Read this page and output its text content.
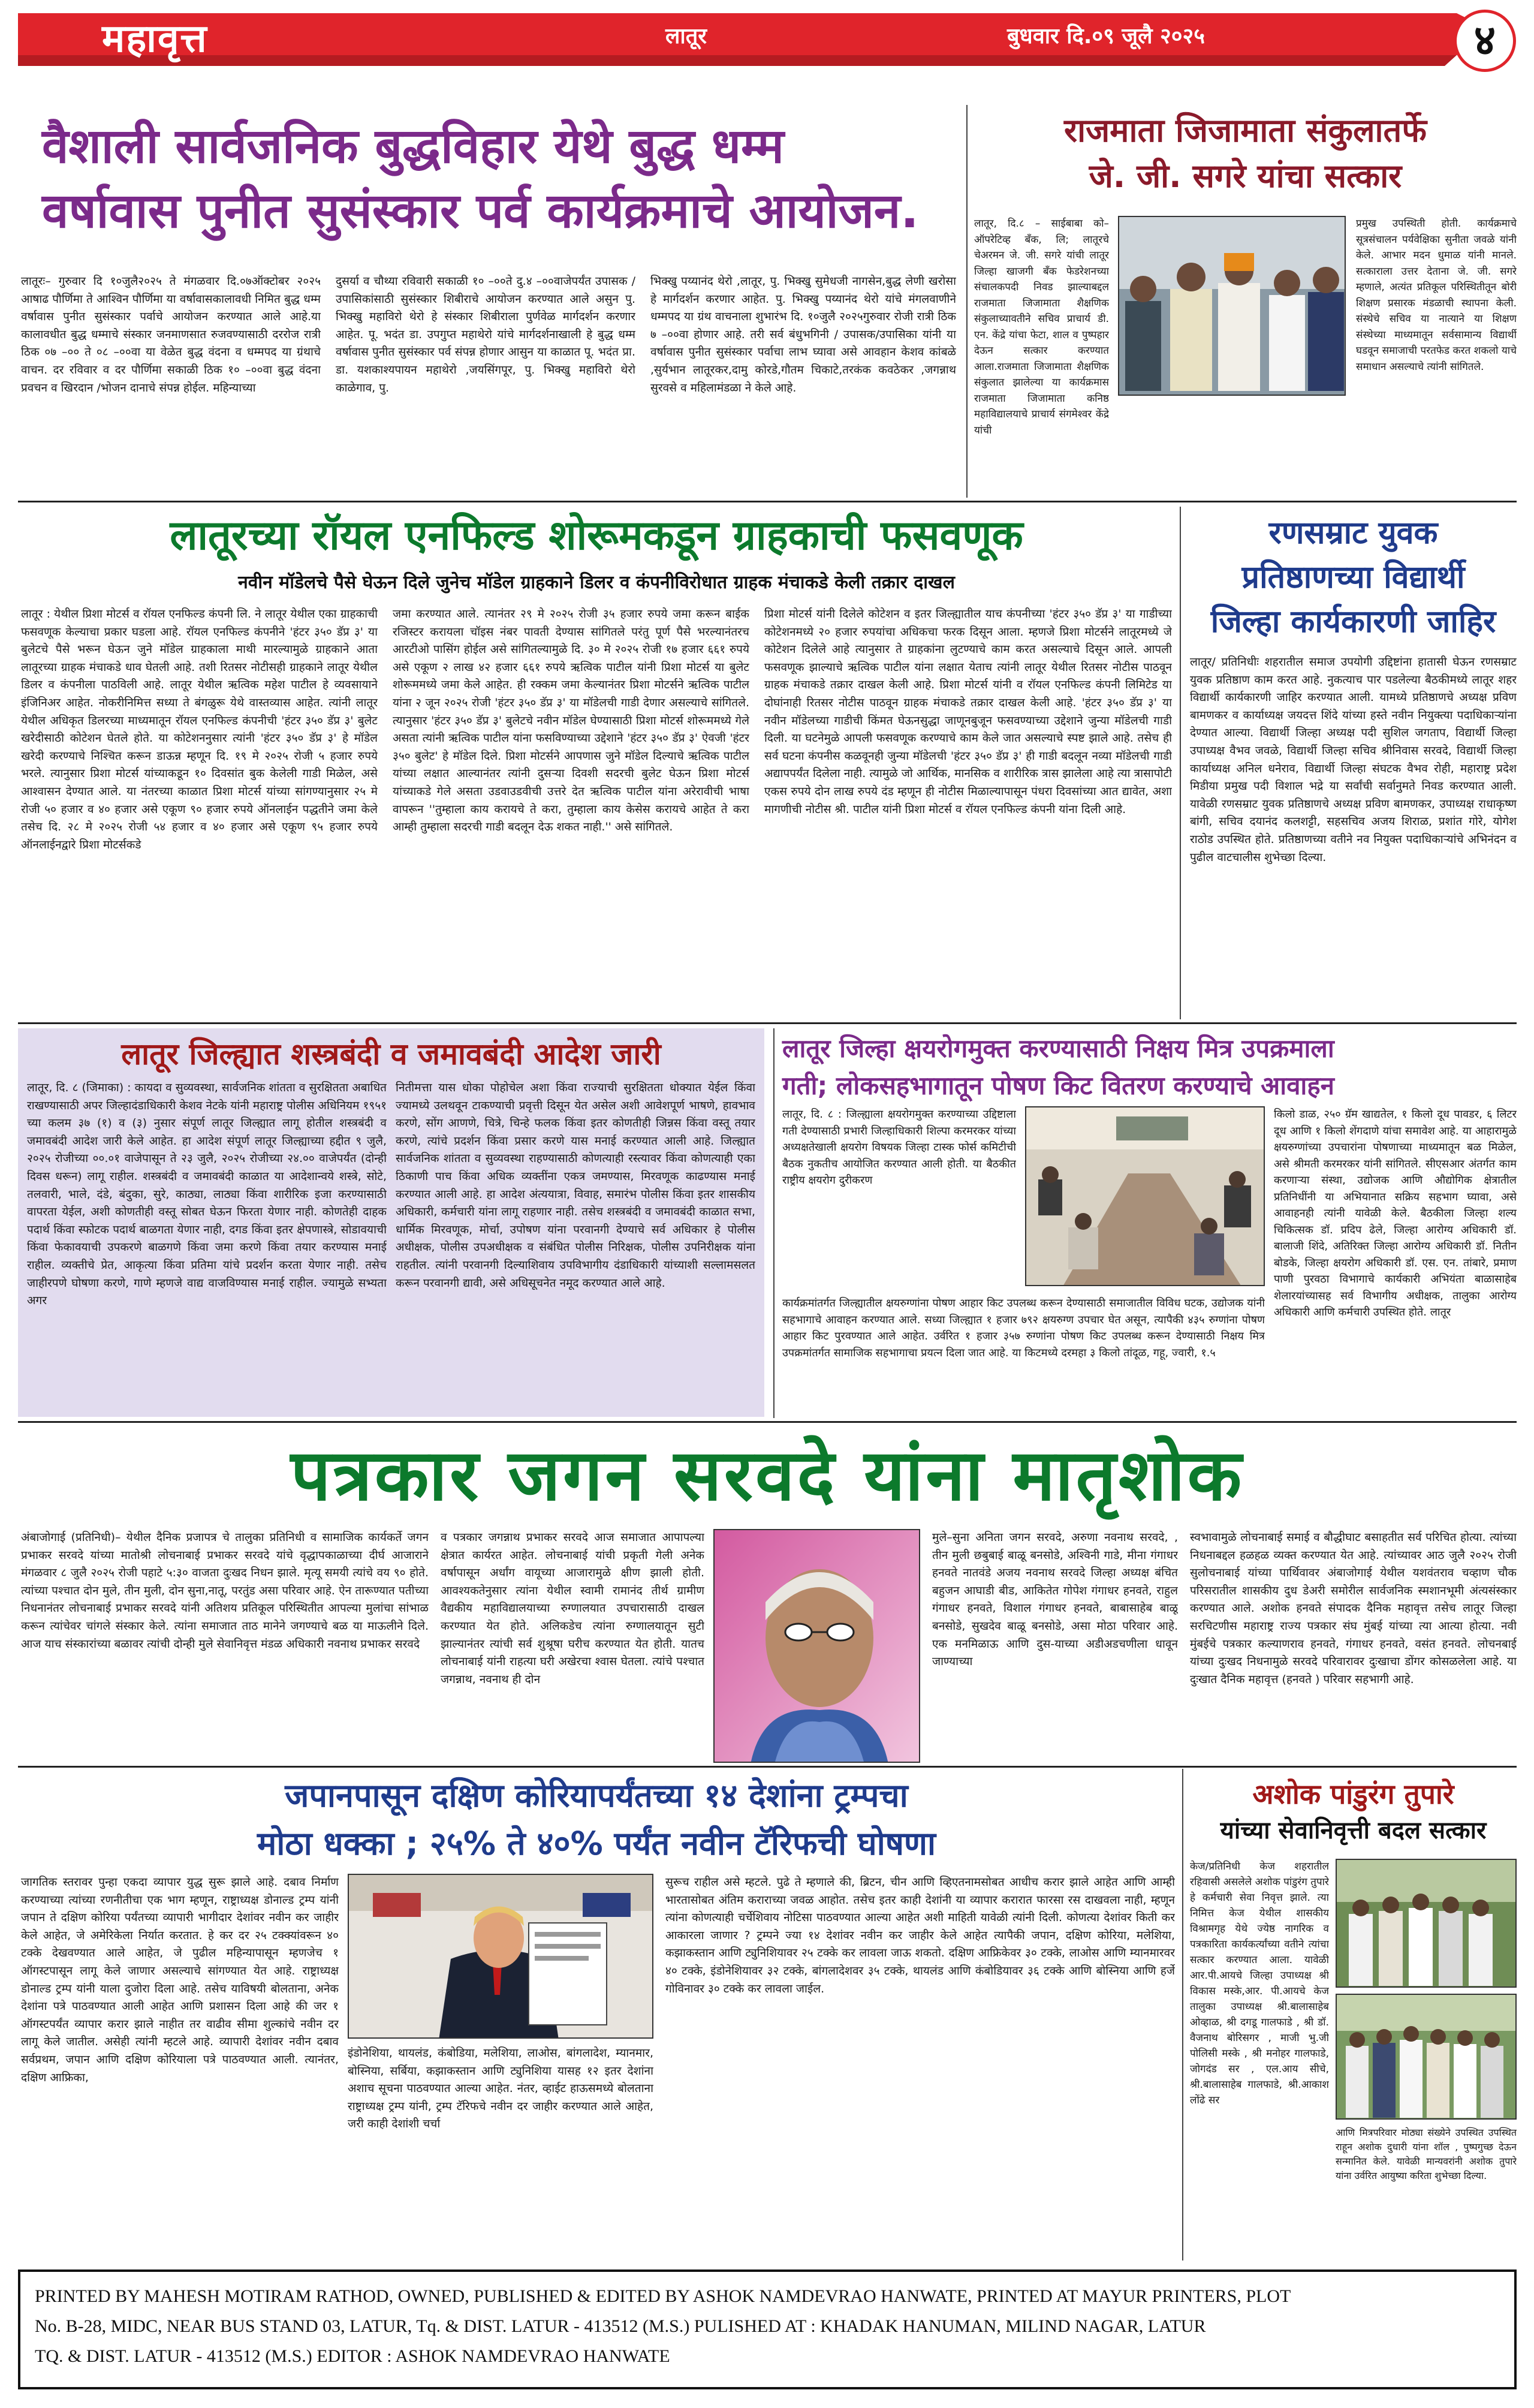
महावृत्त	लातूर	बुधवार दि.०९ जूलै २०२५	४
वैशाली सार्वजनिक बुद्धविहार येथे बुद्ध धम्म
वर्षावास पुनीत सुसंस्कार पर्व कार्यक्रमाचे आयोजन.
लातूरः– गुरुवार दि १०जुलै२०२५ ते मंगळवार दि.०७ऑक्टोबर २०२५ आषाढ पौर्णिमा ते आश्विन पौर्णिमा या वर्षावासकालावधी निमित बुद्ध धम्म वर्षावास पुनीत सुसंस्कार पर्वाचे आयोजन करण्यात आले आहे.या कालावधीत बुद्ध धम्माचे संस्कार जनमाणसात रुजवण्यासाठी दररोज रात्री ठिक ०७ –०० ते ०८ –००वा या वेळेत बुद्ध वंदना व धम्मपद या ग्रंथाचे वाचन. दर रविवार व दर पौर्णिमा सकाळी ठिक १० –००वा बुद्ध वंदना प्रवचन व खिरदान /भोजन दानाचे संपन्न होईल. महिन्याच्या
दुसर्या व चौथ्या रविवारी सकाळी १० –००ते दु.४ –००वाजेपर्यंत उपासक /उपासिकांसाठी सुसंस्कार शिबीराचे आयोजन करण्यात आले असुन पु. भिक्खु महाविरो थेरो हे संस्कार शिबीराला पुर्णवेळ मार्गदर्शन करणार आहेत. पू. भदंत डा. उपगुप्त महाथेरो यांचे मार्गदर्शनाखाली हे बुद्ध धम्म वर्षावास पुनीत सुसंस्कार पर्व संपन्न होणार आसुन या काळात पू. भदंत प्रा. डा. यशकाश्यपायन महाथेरो ,जयसिंगपूर, पु. भिक्खु महाविरो थेरो काळेगाव, पु.
भिक्खु पय्यानंद थेरो ,लातूर, पु. भिक्खु सुमेधजी नागसेन,बुद्ध लेणी खरोसा हे मार्गदर्शन करणार आहेत. पु. भिक्खु पय्यानंद थेरो यांचे मंगलवाणीने धम्मपद या ग्रंथ वाचनाला शुभारंभ दि. १०जुलै २०२५गुरुवार रोजी रात्री ठिक ७ –००वा होणार आहे. तरी सर्व बंधुभगिनी / उपासक/उपासिका यांनी या वर्षावास पुनीत सुसंस्कार पर्वाचा लाभ घ्यावा असे आवहान केशव कांबळे ,सुर्यभान लातूरकर,दामु कोरडे,गौतम चिकाटे,तरकंक कवठेकर ,जगन्नाथ सुरवसे व महिलामंडळा ने केले आहे.
राजमाता जिजामाता संकुलातर्फे
जे. जी. सगरे यांचा सत्कार
लातूर, दि.८ – साईबाबा को–ऑपरेटिव्ह बँक, लि; लातूरचे चेअरमन जे. जी. सगरे यांची लातूर जिल्हा खाजगी बँक फेडरेशनच्या संचालकपदी निवड झाल्याबद्दल राजमाता जिजामाता शैक्षणिक संकुलाच्यावतीने सचिव प्राचार्य डी. एन. केंद्रे यांचा फेटा, शाल व पुष्पहार देऊन सत्कार करण्यात आला.राजमाता जिजामाता शैक्षणिक संकुलात झालेल्या या कार्यक्रमास राजमाता जिजामाता कनिष्ठ महाविद्यालयाचे प्राचार्य संगमेश्वर केंद्रे यांची
प्रमुख उपस्थिती होती. कार्यक्रमाचे सूत्रसंचालन पर्यवेक्षिका सुनीता जवळे यांनी केले. आभार मदन धुमाळ यांनी मानले. सत्काराला उत्तर देताना जे. जी. सगरे म्हणाले, अत्यंत प्रतिकूल परिस्थितीतून बोरी शिक्षण प्रसारक मंडळाची स्थापना केली. संस्थेचे सचिव या नात्याने या शिक्षण संस्थेच्या माध्यमातून सर्वसामान्य विद्यार्थी घडवून समाजाची परतफेड करत शकलो याचे समाधान असल्याचे त्यांनी सांगितले.
लातूरच्या रॉयल एनफिल्ड शोरूमकडून ग्राहकाची फसवणूक
नवीन मॉडेलचे पैसे घेऊन दिले जुनेच मॉडेल ग्राहकाने डिलर व कंपनीविरोधात ग्राहक मंचाकडे केली तक्रार दाखल
लातूर : येथील प्रिशा मोटर्स व रॉयल एनफिल्ड कंपनी लि. ने लातूर येथील एका ग्राहकाची फसवणूक केल्याचा प्रकार घडला आहे. रॉयल एनफिल्ड कंपनीने 'हंटर ३५० डॅप्र ३' या बुलेटचे पैसे भरून घेऊन जुने मॉडेल ग्राहकाला माथी मारल्यामुळे ग्राहकाने आता लातूरच्या ग्राहक मंचाकडे धाव घेतली आहे. तशी रितसर नोटीसही ग्राहकाने लातूर येथील डिलर व कंपनीला पाठविली आहे. लातूर येथील ऋत्विक महेश पाटील हे व्यवसायाने इंजिनिअर आहेत. नोकरीनिमित्त सध्या ते बंगळुरू येथे वास्तव्यास आहेत. त्यांनी लातूर येथील अधिकृत डिलरच्या माध्यमातून रॉयल एनफिल्ड कंपनीची 'हंटर ३५० डॅप्र ३' बुलेट खरेदीसाठी कोटेशन घेतले होते. या कोटेशननुसार त्यांनी 'हंटर ३५० डॅप्र ३' हे मॉडेल खरेदी करण्याचे निश्चित करून डाऊन्न म्हणून दि. १९ मे २०२५ रोजी ५ हजार रुपये भरले. त्यानुसार प्रिशा मोटर्स यांच्याकडून १० दिवसांत बुक केलेली गाडी मिळेल, असे आश्वासन देण्यात आले. या नंतरच्या काळात प्रिशा मोटर्स यांच्या सांगण्यानुसार २५ मे रोजी ५० हजार व ४० हजार असे एकूण ९० हजार रुपये ऑनलाईन पद्धतीने जमा केले तसेच दि. २८ मे २०२५ रोजी ५४ हजार व ४० हजार असे एकूण ९५ हजार रुपये ऑनलाईनद्वारे प्रिशा मोटर्सकडे
जमा करण्यात आले. त्यानंतर २९ मे २०२५ रोजी ३५ हजार रुपये जमा करून बाईक रजिस्टर करायला चॉइस नंबर पावती देण्यास सांगितले परंतु पूर्ण पैसे भरल्यानंतरच आरटीओ पासिंग होईल असे सांगितल्यामुळे दि. ३० मे २०२५ रोजी १७ हजार ६६१ रुपये असे एकूण २ लाख ४२ हजार ६६१ रुपये ऋत्विक पाटील यांनी प्रिशा मोटर्स या बुलेट शोरूममध्ये जमा केले आहेत. ही रक्कम जमा केल्यानंतर प्रिशा मोटर्सने ऋत्विक पाटील यांना २ जून २०२५ रोजी 'हंटर ३५० डॅप्र ३' या मॉडेलची गाडी देणार असल्याचे सांगितले. त्यानुसार 'हंटर ३५० डॅप्र ३' बुलेटचे नवीन मॉडेल घेण्यासाठी प्रिशा मोटर्स शोरूममध्ये गेले असता त्यांनी ऋत्विक पाटील यांना फसविण्याच्या उद्देशाने 'हंटर ३५० डॅप्र ३' ऐवजी 'हंटर ३५० बुलेट' हे मॉडेल दिले. प्रिशा मोटर्सने आपणास जुने मॉडेल दिल्याचे ऋत्विक पाटील यांच्या लक्षात आल्यानंतर त्यांनी दुसऱ्या दिवशी सदरची बुलेट घेऊन प्रिशा मोटर्स यांच्याकडे गेले असता उडवाउडवीची उत्तरे देत ऋत्विक पाटील यांना अरेरावीची भाषा वापरून ''तुम्हाला काय करायचे ते करा, तुम्हाला काय केसेस करायचे आहेत ते करा आम्ही तुम्हाला सदरची गाडी बदलून देऊ शकत नाही.'' असे सांगितले.
प्रिशा मोटर्स यांनी दिलेले कोटेशन व इतर जिल्ह्यातील याच कंपनीच्या 'हंटर ३५० डॅप्र ३' या गाडीच्या कोटेशनमध्ये २० हजार रुपयांचा अधिकचा फरक दिसून आला. म्हणजे प्रिशा मोटर्सने लातूरमध्ये जे कोटेशन दिलेले आहे त्यानुसार ते ग्राहकांना लुटण्याचे काम करत असल्याचे दिसून आले. आपली फसवणूक झाल्याचे ऋत्विक पाटील यांना लक्षात येताच त्यांनी लातूर येथील रितसर नोटीस पाठवून ग्राहक मंचाकडे तक्रार दाखल केली आहे. प्रिशा मोटर्स यांनी व रॉयल एनफिल्ड कंपनी लिमिटेड या दोघांनाही रितसर नोटीस पाठवून ग्राहक मंचाकडे तक्रार दाखल केली आहे. 'हंटर ३५० डॅप्र ३' या नवीन मॉडेलच्या गाडीची किंमत घेऊनसुद्धा जाणूनबुजून फसवण्याच्या उद्देशाने जुन्या मॉडेलची गाडी दिली. या घटनेमुळे आपली फसवणूक करण्याचे काम केले जात असल्याचे स्पष्ट झाले आहे. तसेच ही सर्व घटना कंपनीस कळवूनही जुन्या मॉडेलची 'हंटर ३५० डॅप्र ३' ही गाडी बदलून नव्या मॉडेलची गाडी अद्यापपर्यंत दिलेला नाही. त्यामुळे जो आर्थिक, मानसिक व शारीरिक त्रास झालेला आहे त्या त्रासापोटी एकस रुपये दोन लाख रुपये दंड म्हणून ही नोटीस मिळाल्यापासून पंधरा दिवसांच्या आत द्यावेत, अशा मागणीची नोटीस श्री. पाटील यांनी प्रिशा मोटर्स व रॉयल एनफिल्ड कंपनी यांना दिली आहे.
रणसम्राट युवक
प्रतिष्ठाणच्या विद्यार्थी
जिल्हा कार्यकारणी जाहिर
लातूर/ प्रतिनिधीः शहरातील समाज उपयोगी उद्दिष्टांना हातासी घेऊन रणसम्राट युवक प्रतिष्ठाण काम करत आहे. नुकत्याच पार पडलेल्या बैठकीमध्ये लातूर शहर विद्यार्थी कार्यकारणी जाहिर करण्यात आली. यामध्ये प्रतिष्ठाणचे अध्यक्ष प्रविण बामणकर व कार्याध्यक्ष जयदत्त शिंदे यांच्या हस्ते नवीन नियुक्त्या पदाधिकाऱ्यांना देण्यात आल्या. विद्यार्थी जिल्हा अध्यक्ष पदी सुशिल जगताप, विद्यार्थी जिल्हा उपाध्यक्ष वैभव जवळे, विद्यार्थी जिल्हा सचिव श्रीनिवास सरवदे, विद्यार्थी जिल्हा कार्याध्यक्ष अनिल धनेराव, विद्यार्थी जिल्हा संघटक वैभव रोही, महाराष्ट्र प्रदेश मिडीया प्रमुख पदी विशाल भद्रे या सर्वांची सर्वानुमते निवड करण्यात आली. यावेळी रणसम्राट युवक प्रतिष्ठाणचे अध्यक्ष प्रविण बामणकर, उपाध्यक्ष राधाकृष्ण बांगी, सचिव दयानंद कलशट्टी, सहसचिव अजय शिराळ, प्रशांत गोरे, योगेश राठोड उपस्थित होते. प्रतिष्ठाणच्या वतीने नव नियुक्त पदाधिकाऱ्यांचे अभिनंदन व पुढील वाटचालीस शुभेच्छा दिल्या.
लातूर जिल्ह्यात शस्त्रबंदी व जमावबंदी आदेश जारी
लातूर, दि. ८ (जिमाका) : कायदा व सुव्यवस्था, सार्वजनिक शांतता व सुरक्षितता अबाधित राखण्यासाठी अपर जिल्हादंडाधिकारी केशव नेटके यांनी महाराष्ट्र पोलीस अधिनियम १९५१ च्या कलम ३७ (१) व (३) नुसार संपूर्ण लातूर जिल्ह्यात लागू होतील शस्त्रबंदी व जमावबंदी आदेश जारी केले आहेत. हा आदेश संपूर्ण लातूर जिल्ह्याच्या हद्दीत ९ जुलै, २०२५ रोजीच्या ००.०१ वाजेपासून ते २३ जुलै, २०२५ रोजीच्या २४.०० वाजेपर्यंत (दोन्ही दिवस धरून) लागू राहील. शस्त्रबंदी व जमावबंदी काळात या आदेशान्वये शस्त्रे, सोटे, तलवारी, भाले, दंडे, बंदुका, सुरे, काठ्या, लाठ्या किंवा शारीरिक इजा करण्यासाठी वापरता येईल, अशी कोणतीही वस्तू सोबत घेऊन फिरता येणार नाही. कोणतेही दाहक पदार्थ किंवा स्फोटक पदार्थ बाळगता येणार नाही, दगड किंवा इतर क्षेपणास्त्रे, सोडावयाची किंवा फेकावयाची उपकरणे बाळगणे किंवा जमा करणे किंवा तयार करण्यास मनाई राहील. व्यक्तीचे प्रेत, आकृत्या किंवा प्रतिमा यांचे प्रदर्शन करता येणार नाही. तसेच जाहीरपणे घोषणा करणे, गाणे म्हणजे वाद्य वाजविण्यास मनाई राहील. ज्यामुळे सभ्यता अगर
नितीमत्ता यास धोका पोहोचेल अशा किंवा राज्याची सुरक्षितता धोक्यात येईल किंवा ज्यामध्ये उलथवून टाकण्याची प्रवृत्ती दिसून येत असेल अशी आवेशपूर्ण भाषणे, हावभाव करणे, सोंग आणणे, चित्रे, चिन्हे फलक किंवा इतर कोणतीही जिन्नस किंवा वस्तू तयार करणे, त्यांचे प्रदर्शन किंवा प्रसार करणे यास मनाई करण्यात आली आहे. जिल्ह्यात सार्वजनिक शांतता व सुव्यवस्था राहण्यासाठी कोणत्याही रस्त्यावर किंवा कोणत्याही एका ठिकाणी पाच किंवा अधिक व्यक्तींना एकत्र जमण्यास, मिरवणूक काढण्यास मनाई करण्यात आली आहे. हा आदेश अंत्ययात्रा, विवाह, समारंभ पोलीस किंवा इतर शासकीय अधिकारी, कर्मचारी यांना लागू राहणार नाही. तसेच शस्त्रबंदी व जमावबंदी काळात सभा, धार्मिक मिरवणूक, मोर्चा, उपोषण यांना परवानगी देण्याचे सर्व अधिकार हे पोलीस अधीक्षक, पोलीस उपअधीक्षक व संबंधित पोलीस निरिक्षक, पोलीस उपनिरीक्षक यांना राहतील. त्यांनी परवानगी दिल्याशिवाय उपविभागीय दंडाधिकारी यांच्याशी सल्लामसलत करून परवानगी द्यावी, असे अधिसूचनेत नमूद करण्यात आले आहे.
लातूर जिल्हा क्षयरोगमुक्त करण्यासाठी निक्षय मित्र उपक्रमाला
गती; लोकसहभागातून पोषण किट वितरण करण्याचे आवाहन
लातूर, दि. ८ : जिल्ह्याला क्षयरोगमुक्त करण्याच्या उद्दिष्टाला गती देण्यासाठी प्रभारी जिल्हाधिकारी शिल्पा करमरकर यांच्या अध्यक्षतेखाली क्षयरोग विषयक जिल्हा टास्क फोर्स कमिटीची बैठक नुकतीच आयोजित करण्यात आली होती. या बैठकीत राष्ट्रीय क्षयरोग दुरीकरण
कार्यक्रमांतर्गत जिल्ह्यातील क्षयरुग्णांना पोषण आहार किट उपलब्ध करून देण्यासाठी समाजातील विविध घटक, उद्योजक यांनी सहभागाचे आवाहन करण्यात आले. सध्या जिल्ह्यात १ हजार ७९२ क्षयरुग्ण उपचार घेत असून, त्यापैकी ४३५ रुग्णांना पोषण आहार किट पुरवण्यात आले आहेत. उर्वरित १ हजार ३५७ रुग्णांना पोषण किट उपलब्ध करून देण्यासाठी निक्षय मित्र उपक्रमांतर्गत सामाजिक सहभागाचा प्रयत्न दिला जात आहे. या किटमध्ये दरमहा ३ किलो तांदूळ, गहू, ज्वारी, १.५
किलो डाळ, २५० ग्रॅम खाद्यतेल, १ किलो दूध पावडर, ६ लिटर दूध आणि १ किलो शेंगदाणे यांचा समावेश आहे. या आहारामुळे क्षयरुग्णांच्या उपचारांना पोषणाच्या माध्यमातून बळ मिळेल, असे श्रीमती करमरकर यांनी सांगितले. सीएसआर अंतर्गत काम करणाऱ्या संस्था, उद्योजक आणि औद्योगिक क्षेत्रातील प्रतिनिधींनी या अभियानात सक्रिय सहभाग घ्यावा, असे आवाहनही त्यांनी यावेळी केले. बैठकीला जिल्हा शल्य चिकित्सक डॉ. प्रदिप ढेले, जिल्हा आरोग्य अधिकारी डॉ. बालाजी शिंदे, अतिरिक्त जिल्हा आरोग्य अधिकारी डॉ. नितीन बोडके, जिल्हा क्षयरोग अधिकारी डॉ. एस. एन. तांबारे, प्रमाण पाणी पुरवठा विभागाचे कार्यकारी अभियंता बाळासाहेब शेलारयांच्यासह सर्व विभागीय अधीक्षक, तालुका आरोग्य अधिकारी आणि कर्मचारी उपस्थित होते. लातूर
पत्रकार जगन सरवदे यांना मातृशोक
अंबाजोगाई (प्रतिनिधी)– येथील दैनिक प्रजापत्र चे तालुका प्रतिनिधी व सामाजिक कार्यकर्ते जगन प्रभाकर सरवदे यांच्या मातोश्री लोचनाबाई प्रभाकर सरवदे यांचे वृद्धापकाळाच्या दीर्घ आजाराने मंगळवार ८ जुलै २०२५ रोजी पहाटे ५:३० वाजता दुःखद निधन झाले. मृत्यू समयी त्यांचे वय ९० होते. त्यांच्या पश्चात दोन मुले, तीन मुली, दोन सुना,नातू, परतुंड असा परिवार आहे. ऐन तारूण्यात पतीच्या निधनानंतर लोचनाबाई प्रभाकर सरवदे यांनी अतिशय प्रतिकूल परिस्थितीत आपल्या मुलांचा सांभाळ करून त्यांचेवर चांगले संस्कार केले. त्यांना समाजात ताठ मानेने जगण्याचे बळ या माऊलीने दिले. आज याच संस्कारांच्या बळावर त्यांची दोन्ही मुले सेवानिवृत्त मंडळ अधिकारी नवनाथ प्रभाकर सरवदे
व पत्रकार जगन्नाथ प्रभाकर सरवदे आज समाजात आपापल्या क्षेत्रात कार्यरत आहेत. लोचनाबाई यांची प्रकृती गेली अनेक वर्षापासून अर्धांग वायूच्या आजारामुळे क्षीण झाली होती. आवश्यकतेनुसार त्यांना येथील स्वामी रामानंद तीर्थ ग्रामीण वैद्यकीय महाविद्यालयाच्या रुग्णालयात उपचारासाठी दाखल करण्यात येत होते. अलिकडेच त्यांना रुग्णालयातून सुटी झाल्यानंतर त्यांची सर्व शुश्रूषा घरीच करण्यात येत होती. यातच लोचनाबाई यांनी राहत्या घरी अखेरचा श्वास घेतला. त्यांचे पश्चात जगन्नाथ, नवनाथ ही दोन
मुले–सुना अनिता जगन सरवदे, अरुणा नवनाथ सरवदे, , तीन मुली छबुबाई बाळू बनसोडे, अश्विनी गाडे, मीना गंगाधर हनवते नातवंडे अजय नवनाथ सरवदे जिल्हा अध्यक्ष बंचित बहुजन आघाडी बीड, आकितेत गोपेश गंगाधर हनवते, राहुल गंगाधर हनवते, विशाल गंगाधर हनवते, बाबासाहेब बाळू बनसोडे, सुखदेव बाळू बनसोडे, असा मोठा परिवार आहे. एक मनमिळाऊ आणि दुस-याच्या अडीअडचणीला धावून जाण्याच्या
स्वभावामुळे लोचनाबाई समाई व बौद्धीघाट बसाहतीत सर्व परिचित होत्या. त्यांच्या निधनाबद्दल हळहळ व्यक्त करण्यात येत आहे. त्यांच्यावर आठ जुलै २०२५ रोजी सुलोचनाबाई यांच्या पार्थिवावर अंबाजोगाई येथील यशवंतराव चव्हाण चौक परिसरातील शासकीय दुध डेअरी समोरील सार्वजनिक स्मशानभूमी अंत्यसंस्कार करण्यात आले. अशोक हनवते संपादक दैनिक महावृत्त तसेच लातूर जिल्हा सरचिटणीस महाराष्ट्र राज्य पत्रकार संघ मुंबई यांच्या त्या आत्या होत्या. नवी मुंबईचे पत्रकार कल्याणराव हनवते, गंगाधर हनवते, वसंत हनवते. लोचनबाई यांच्या दुःखद निधनामुळे सरवदे परिवारावर दुःखाचा डोंगर कोसळलेला आहे. या दुःखात दैनिक महावृत्त (हनवते ) परिवार सहभागी आहे.
जपानपासून दक्षिण कोरियापर्यंतच्या १४ देशांना ट्रम्पचा
मोठा धक्का ; २५% ते ४०% पर्यंत नवीन टॅरिफची घोषणा
जागतिक स्तरावर पुन्हा एकदा व्यापार युद्ध सुरू झाले आहे. दबाव निर्माण करण्याच्या त्यांच्या रणनीतीचा एक भाग म्हणून, राष्ट्राध्यक्ष डोनाल्ड ट्रम्प यांनी जपान ते दक्षिण कोरिया पर्यंतच्या व्यापारी भागीदार देशांवर नवीन कर जाहीर केले आहेत, जे अमेरिकेला निर्यात करतात. हे कर दर २५ टक्क्यांवरून ४० टक्के देखवण्यात आले आहेत, जे पुढील महिन्यापासून म्हणजेच १ ऑगस्टपासून लागू केले जाणार असल्याचे सांगण्यात येत आहे. राष्ट्राध्यक्ष डोनाल्ड ट्रम्प यांनी याला दुजोरा दिला आहे. तसेच याविषयी बोलताना, अनेक देशांना पत्रे पाठवण्यात आली आहेत आणि प्रशासन दिला आहे की जर १ ऑगस्टपर्यंत व्यापार करार झाले नाहीत तर वाढीव सीमा शुल्कांचे नवीन दर लागू केले जातील. असेही त्यांनी म्हटले आहे. व्यापारी देशांवर नवीन दबाव सर्वप्रथम, जपान आणि दक्षिण कोरियाला पत्रे पाठवण्यात आली. त्यानंतर, दक्षिण आफ्रिका,
इंडोनेशिया, थायलंड, कंबोडिया, मलेशिया, लाओस, बांगलादेश, म्यानमार, बोस्निया, सर्बिया, कझाकस्तान आणि ट्युनिशिया यासह १२ इतर देशांना अशाच सूचना पाठवण्यात आल्या आहेत. नंतर, व्हाईट हाऊसमध्ये बोलताना राष्ट्राध्यक्ष ट्रम्प यांनी, ट्रम्प टॅरिफचे नवीन दर जाहीर करण्यात आले आहेत, जरी काही देशांशी चर्चा
सुरूच राहील असे म्हटले. पुढे ते म्हणाले की, ब्रिटन, चीन आणि व्हिएतनामसोबत आधीच करार झाले आहेत आणि आम्ही भारतासोबत अंतिम कराराच्या जवळ आहोत. तसेच इतर काही देशांनी या व्यापार करारात फारसा रस दाखवला नाही, म्हणून त्यांना कोणत्याही चर्चेशिवाय नोटिसा पाठवण्यात आल्या आहेत अशी माहिती यावेळी त्यांनी दिली. कोणत्या देशांवर किती कर आकारला जाणार ? ट्रम्पने ज्या १४ देशांवर नवीन कर जाहीर केले आहेत त्यापैकी जपान, दक्षिण कोरिया, मलेशिया, कझाकस्तान आणि ट्युनिशियावर २५ टक्के कर लावला जाऊ शकतो. दक्षिण आफ्रिकेवर ३० टक्के, लाओस आणि म्यानमारवर ४० टक्के, इंडोनेशियावर ३२ टक्के, बांगलादेशवर ३५ टक्के, थायलंड आणि कंबोडियावर ३६ टक्के आणि बोस्निया आणि हर्जे गोविनावर ३० टक्के कर लावला जाईल.
अशोक पांडुरंग तुपारे
यांच्या सेवानिवृत्ती बदल सत्कार
केज/प्रतिनिधी केज शहरातील रहिवासी असलेले अशोक पांडुरंग तुपारे हे कर्मचारी सेवा निवृत्त झाले. त्या निमित्त केज येथील शासकीय विश्रामगृह येथे ज्येष्ठ नागरिक व पत्रकारिता कार्यकर्त्यांच्या वतीने त्यांचा सत्कार करण्यात आला. यावेळी आर.पी.आयचे जिल्हा उपाध्यक्ष श्री विकास मस्के,आर. पी.आयचे केज तालुका उपाध्यक्ष श्री.बालासाहेब ओव्हाळ, श्री दगडू गालफाडे , श्री डॉ. वैजनाथ बोरिसगर , माजी भु.जी पोलिसी मस्के , श्री मनोहर गालफाडे, जोगदंड सर , एल.आय सीचे, श्री.बालासाहेब गालफाडे, श्री.आकाश लोंढे सर
आणि मित्रपरिवार मोठ्या संख्येने उपस्थित उपस्थित राहून अशोक दुधारी यांना शॉल , पुष्पगुच्छ देऊन सन्मानित केले. यावेळी मान्यवरांनी अशोक तुपारे यांना उर्वरित आयुष्या करिता शुभेच्छा दिल्या.
PRINTED BY MAHESH MOTIRAM RATHOD, OWNED, PUBLISHED & EDITED BY ASHOK NAMDEVRAO HANWATE, PRINTED AT MAYUR PRINTERS, PLOT
No. B-28, MIDC, NEAR BUS STAND 03, LATUR, Tq. & DIST. LATUR - 413512 (M.S.) PULISHED AT : KHADAK HANUMAN, MILIND NAGAR, LATUR
TQ. & DIST. LATUR - 413512 (M.S.) EDITOR : ASHOK NAMDEVRAO HANWATE
